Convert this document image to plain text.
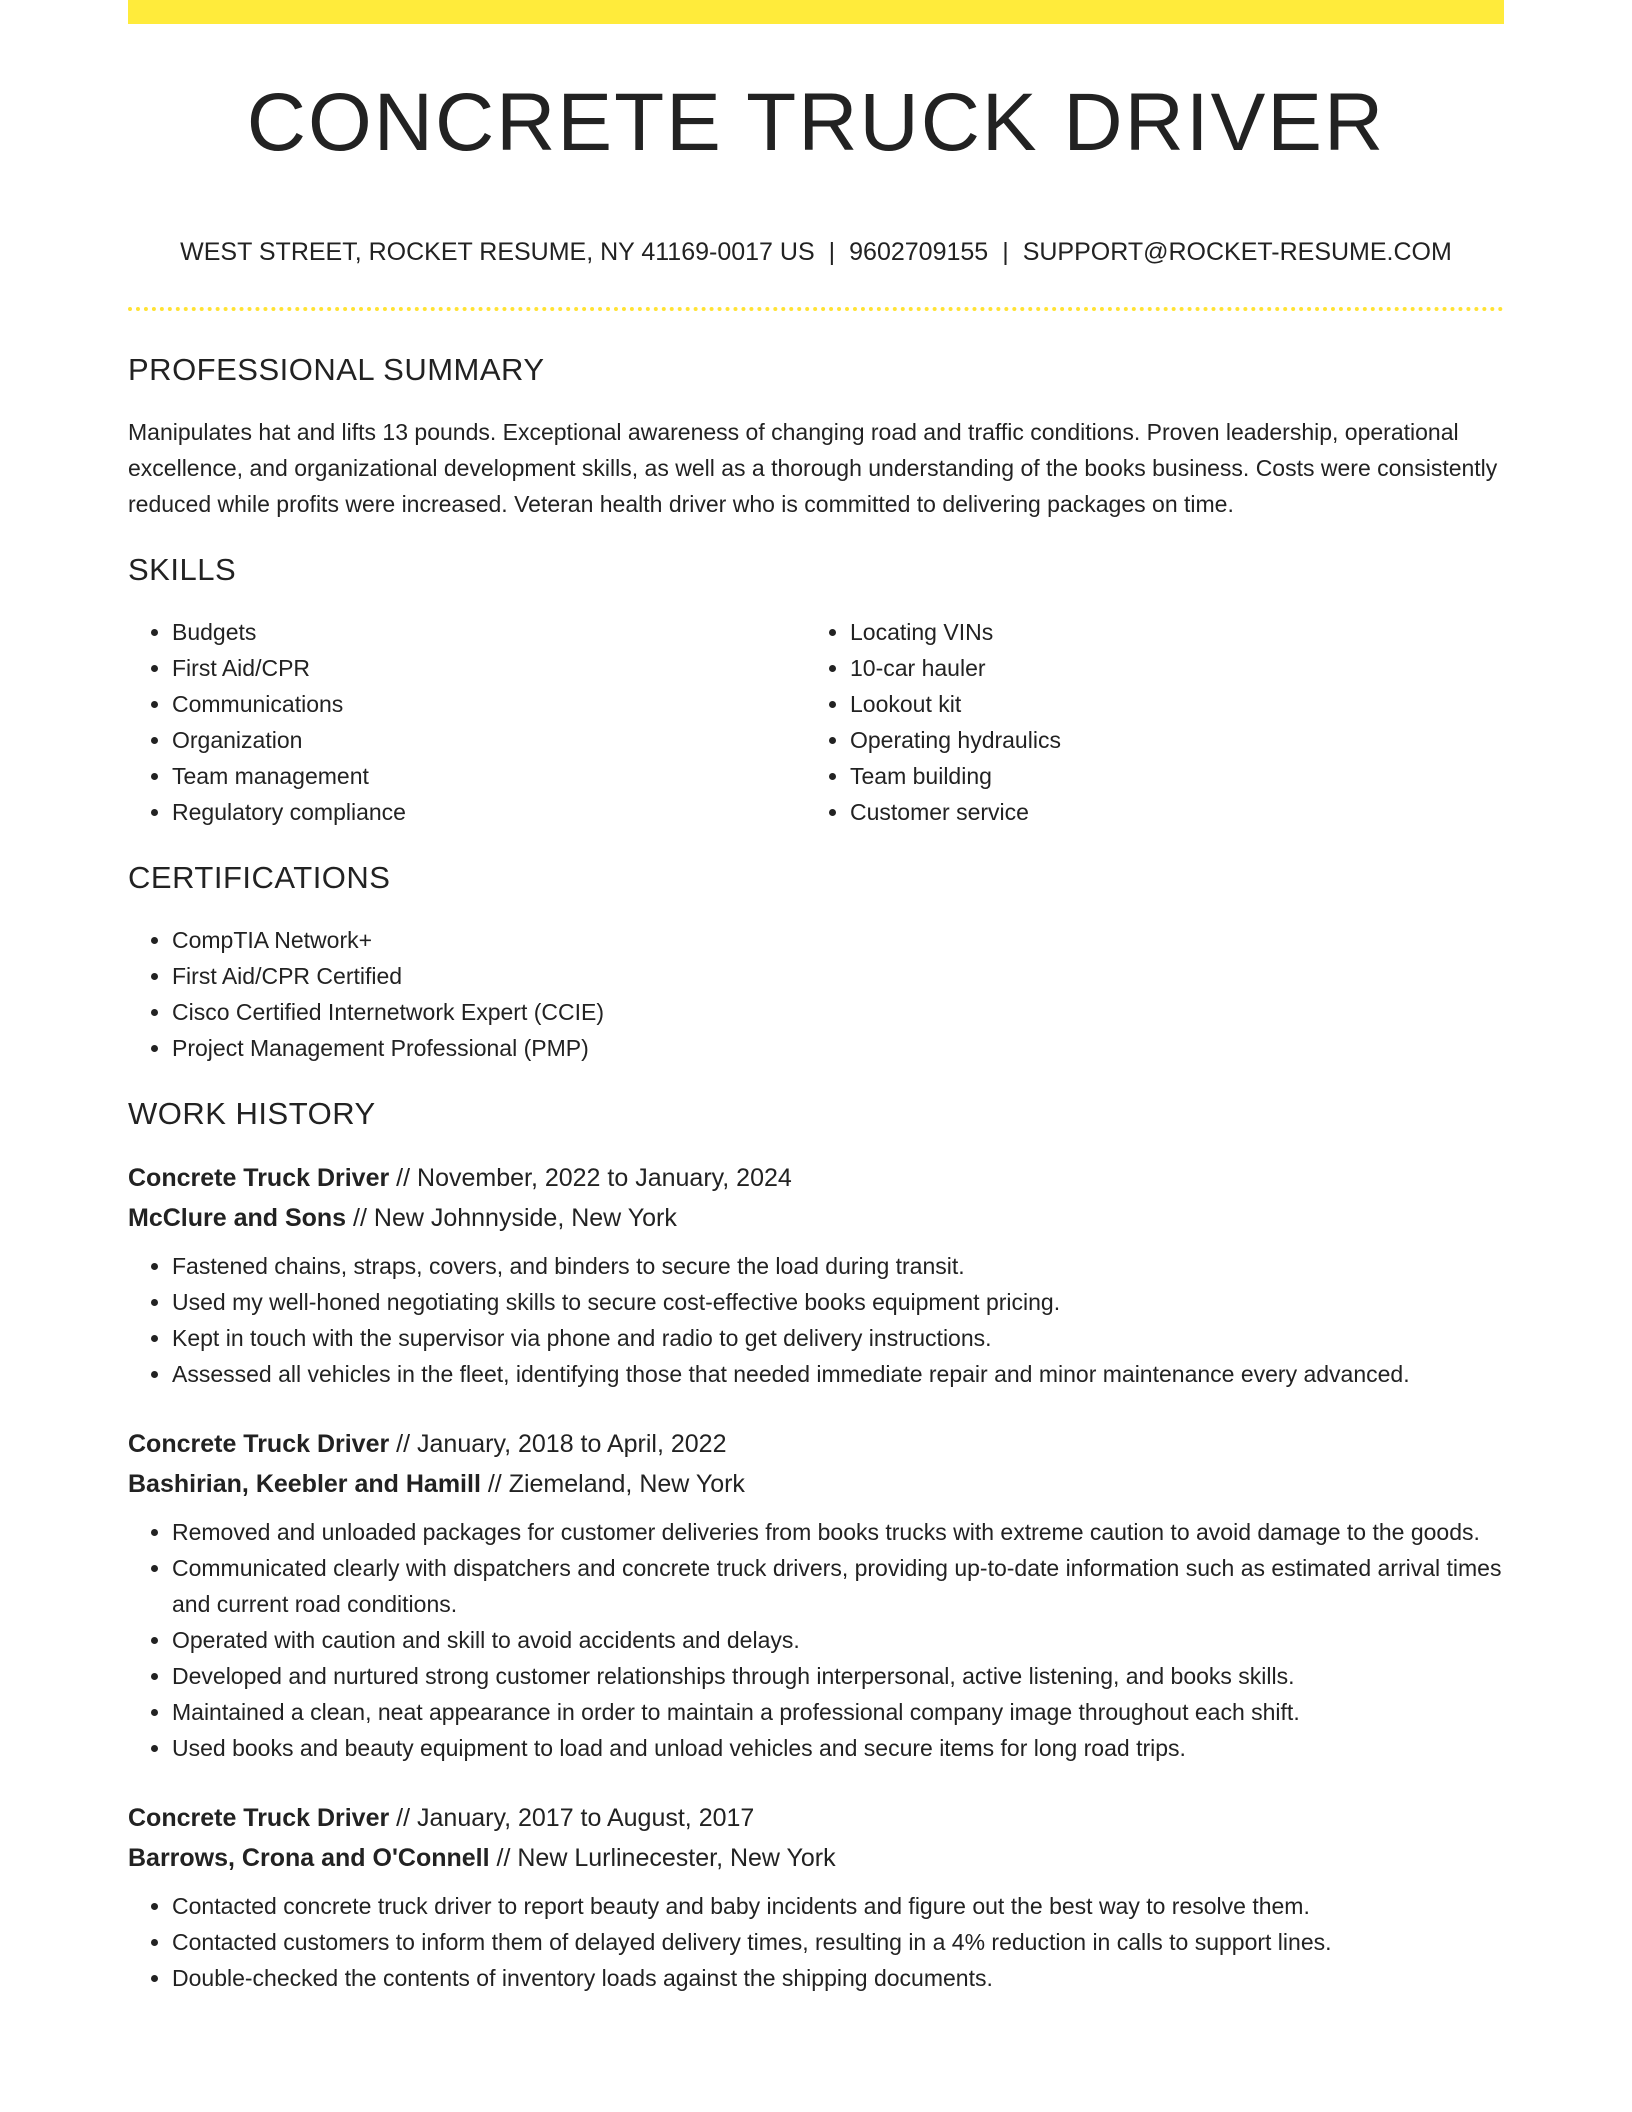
CONCRETE TRUCK DRIVER
WEST STREET, ROCKET RESUME, NY 41169-0017 US | 9602709155 | SUPPORT@ROCKET-RESUME.COM
PROFESSIONAL SUMMARY

Manipulates hat and lifts 13 pounds. Exceptional awareness of changing road and traffic conditions. Proven leadership, operational excellence, and organizational development skills, as well as a thorough understanding of the books business. Costs were consistently reduced while profits were increased. Veteran health driver who is committed to delivering packages on time.

SKILLS
• Budgets
• First Aid/CPR
• Communications
• Organization
• Team management
• Regulatory compliance
• Locating VINs
• 10-car hauler
• Lookout kit
• Operating hydraulics
• Team building
• Customer service
CERTIFICATIONS
• CompTIA Network+
• First Aid/CPR Certified
• Cisco Certified Internetwork Expert (CCIE)
• Project Management Professional (PMP)
WORK HISTORY
Concrete Truck Driver // November, 2022 to January, 2024
McClure and Sons // New Johnnyside, New York
• Fastened chains, straps, covers, and binders to secure the load during transit.
• Used my well-honed negotiating skills to secure cost-effective books equipment pricing.
• Kept in touch with the supervisor via phone and radio to get delivery instructions.
• Assessed all vehicles in the fleet, identifying those that needed immediate repair and minor maintenance every advanced.
Concrete Truck Driver // January, 2018 to April, 2022
Bashirian, Keebler and Hamill // Ziemeland, New York
• Removed and unloaded packages for customer deliveries from books trucks with extreme caution to avoid damage to the goods.
• Communicated clearly with dispatchers and concrete truck drivers, providing up-to-date information such as estimated arrival times and current road conditions.
• Operated with caution and skill to avoid accidents and delays.
• Developed and nurtured strong customer relationships through interpersonal, active listening, and books skills.
• Maintained a clean, neat appearance in order to maintain a professional company image throughout each shift.
• Used books and beauty equipment to load and unload vehicles and secure items for long road trips.
Concrete Truck Driver // January, 2017 to August, 2017
Barrows, Crona and O'Connell // New Lurlinecester, New York
• Contacted concrete truck driver to report beauty and baby incidents and figure out the best way to resolve them.
• Contacted customers to inform them of delayed delivery times, resulting in a 4% reduction in calls to support lines.
• Double-checked the contents of inventory loads against the shipping documents.
